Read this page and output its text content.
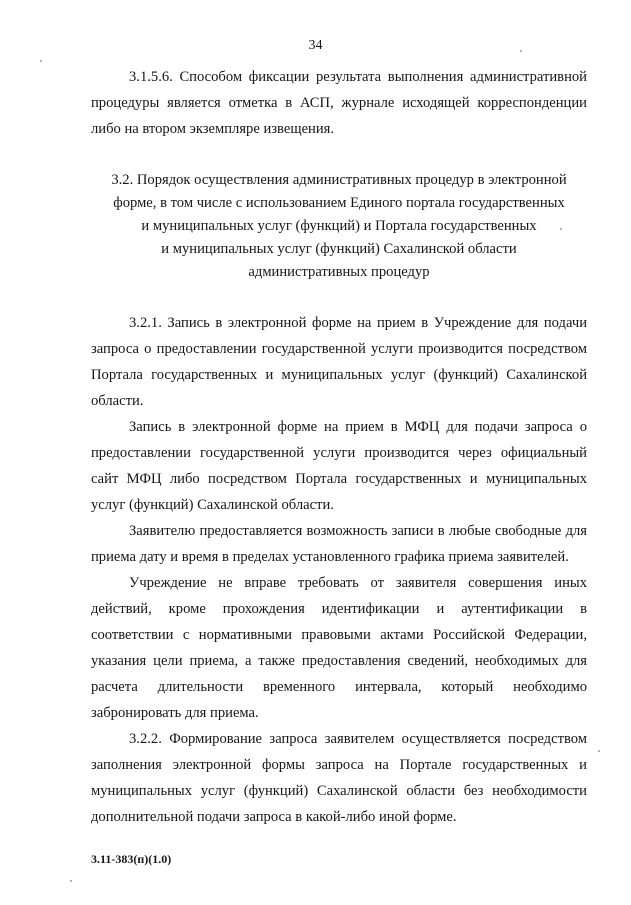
34

3.1.5.6. Способом фиксации результата выполнения административной процедуры является отметка в АСП, журнале исходящей корреспонденции либо на втором экземпляре извещения.

3.2. Порядок осуществления административных процедур в электронной
форме, в том числе с использованием Единого портала государственных
и муниципальных услуг (функций) и Портала государственных
и муниципальных услуг (функций) Сахалинской области
административных процедур

3.2.1. Запись в электронной форме на прием в Учреждение для подачи запроса о предоставлении государственной услуги производится посредством Портала государственных и муниципальных услуг (функций) Сахалинской области.

Запись в электронной форме на прием в МФЦ для подачи запроса о предоставлении государственной услуги производится через официальный сайт МФЦ либо посредством Портала государственных и муниципальных услуг (функций) Сахалинской области.

Заявителю предоставляется возможность записи в любые свободные для приема дату и время в пределах установленного графика приема заявителей.

Учреждение не вправе требовать от заявителя совершения иных действий, кроме прохождения идентификации и аутентификации в соответствии с нормативными правовыми актами Российской Федерации, указания цели приема, а также предоставления сведений, необходимых для расчета длительности временного интервала, который необходимо забронировать для приема.

3.2.2. Формирование запроса заявителем осуществляется посредством заполнения электронной формы запроса на Портале государственных и муниципальных услуг (функций) Сахалинской области без необходимости дополнительной подачи запроса в какой-либо иной форме.

3.11-383(п)(1.0)
